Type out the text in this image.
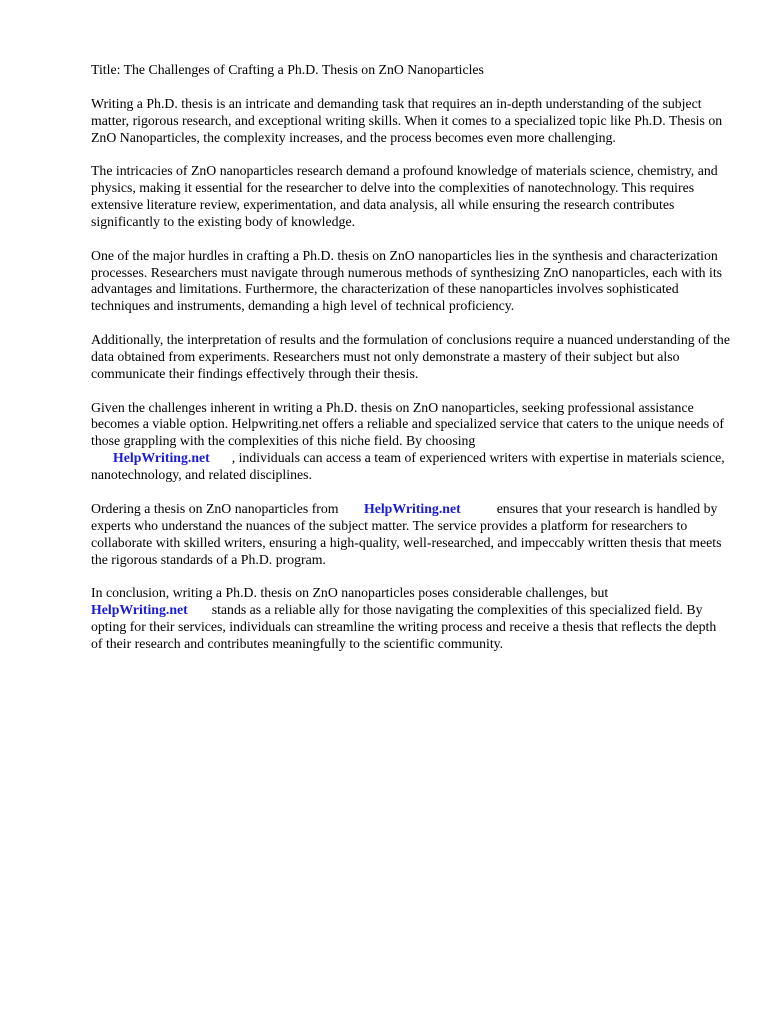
Title: The Challenges of Crafting a Ph.D. Thesis on ZnO Nanoparticles

Writing a Ph.D. thesis is an intricate and demanding task that requires an in-depth understanding of the subject matter, rigorous research, and exceptional writing skills. When it comes to a specialized topic like Ph.D. Thesis on ZnO Nanoparticles, the complexity increases, and the process becomes even more challenging.

The intricacies of ZnO nanoparticles research demand a profound knowledge of materials science, chemistry, and physics, making it essential for the researcher to delve into the complexities of nanotechnology. This requires extensive literature review, experimentation, and data analysis, all while ensuring the research contributes significantly to the existing body of knowledge.

One of the major hurdles in crafting a Ph.D. thesis on ZnO nanoparticles lies in the synthesis and characterization processes. Researchers must navigate through numerous methods of synthesizing ZnO nanoparticles, each with its advantages and limitations. Furthermore, the characterization of these nanoparticles involves sophisticated techniques and instruments, demanding a high level of technical proficiency.

Additionally, the interpretation of results and the formulation of conclusions require a nuanced understanding of the data obtained from experiments. Researchers must not only demonstrate a mastery of their subject but also communicate their findings effectively through their thesis.

Given the challenges inherent in writing a Ph.D. thesis on ZnO nanoparticles, seeking professional assistance becomes a viable option. Helpwriting.net offers a reliable and specialized service that caters to the unique needs of those grappling with the complexities of this niche field. By choosing
HelpWriting.net , individuals can access a team of experienced writers with expertise in materials science, nanotechnology, and related disciplines.

Ordering a thesis on ZnO nanoparticles from HelpWriting.net	ensures that your research is handled by experts who understand the nuances of the subject matter. The service provides a platform for researchers to collaborate with skilled writers, ensuring a high-quality, well-researched, and impeccably written thesis that meets the rigorous standards of a Ph.D. program.

In conclusion, writing a Ph.D. thesis on ZnO nanoparticles poses considerable challenges, but
HelpWriting.net stands as a reliable ally for those navigating the complexities of this specialized field. By opting for their services, individuals can streamline the writing process and receive a thesis that reflects the depth of their research and contributes meaningfully to the scientific community.
